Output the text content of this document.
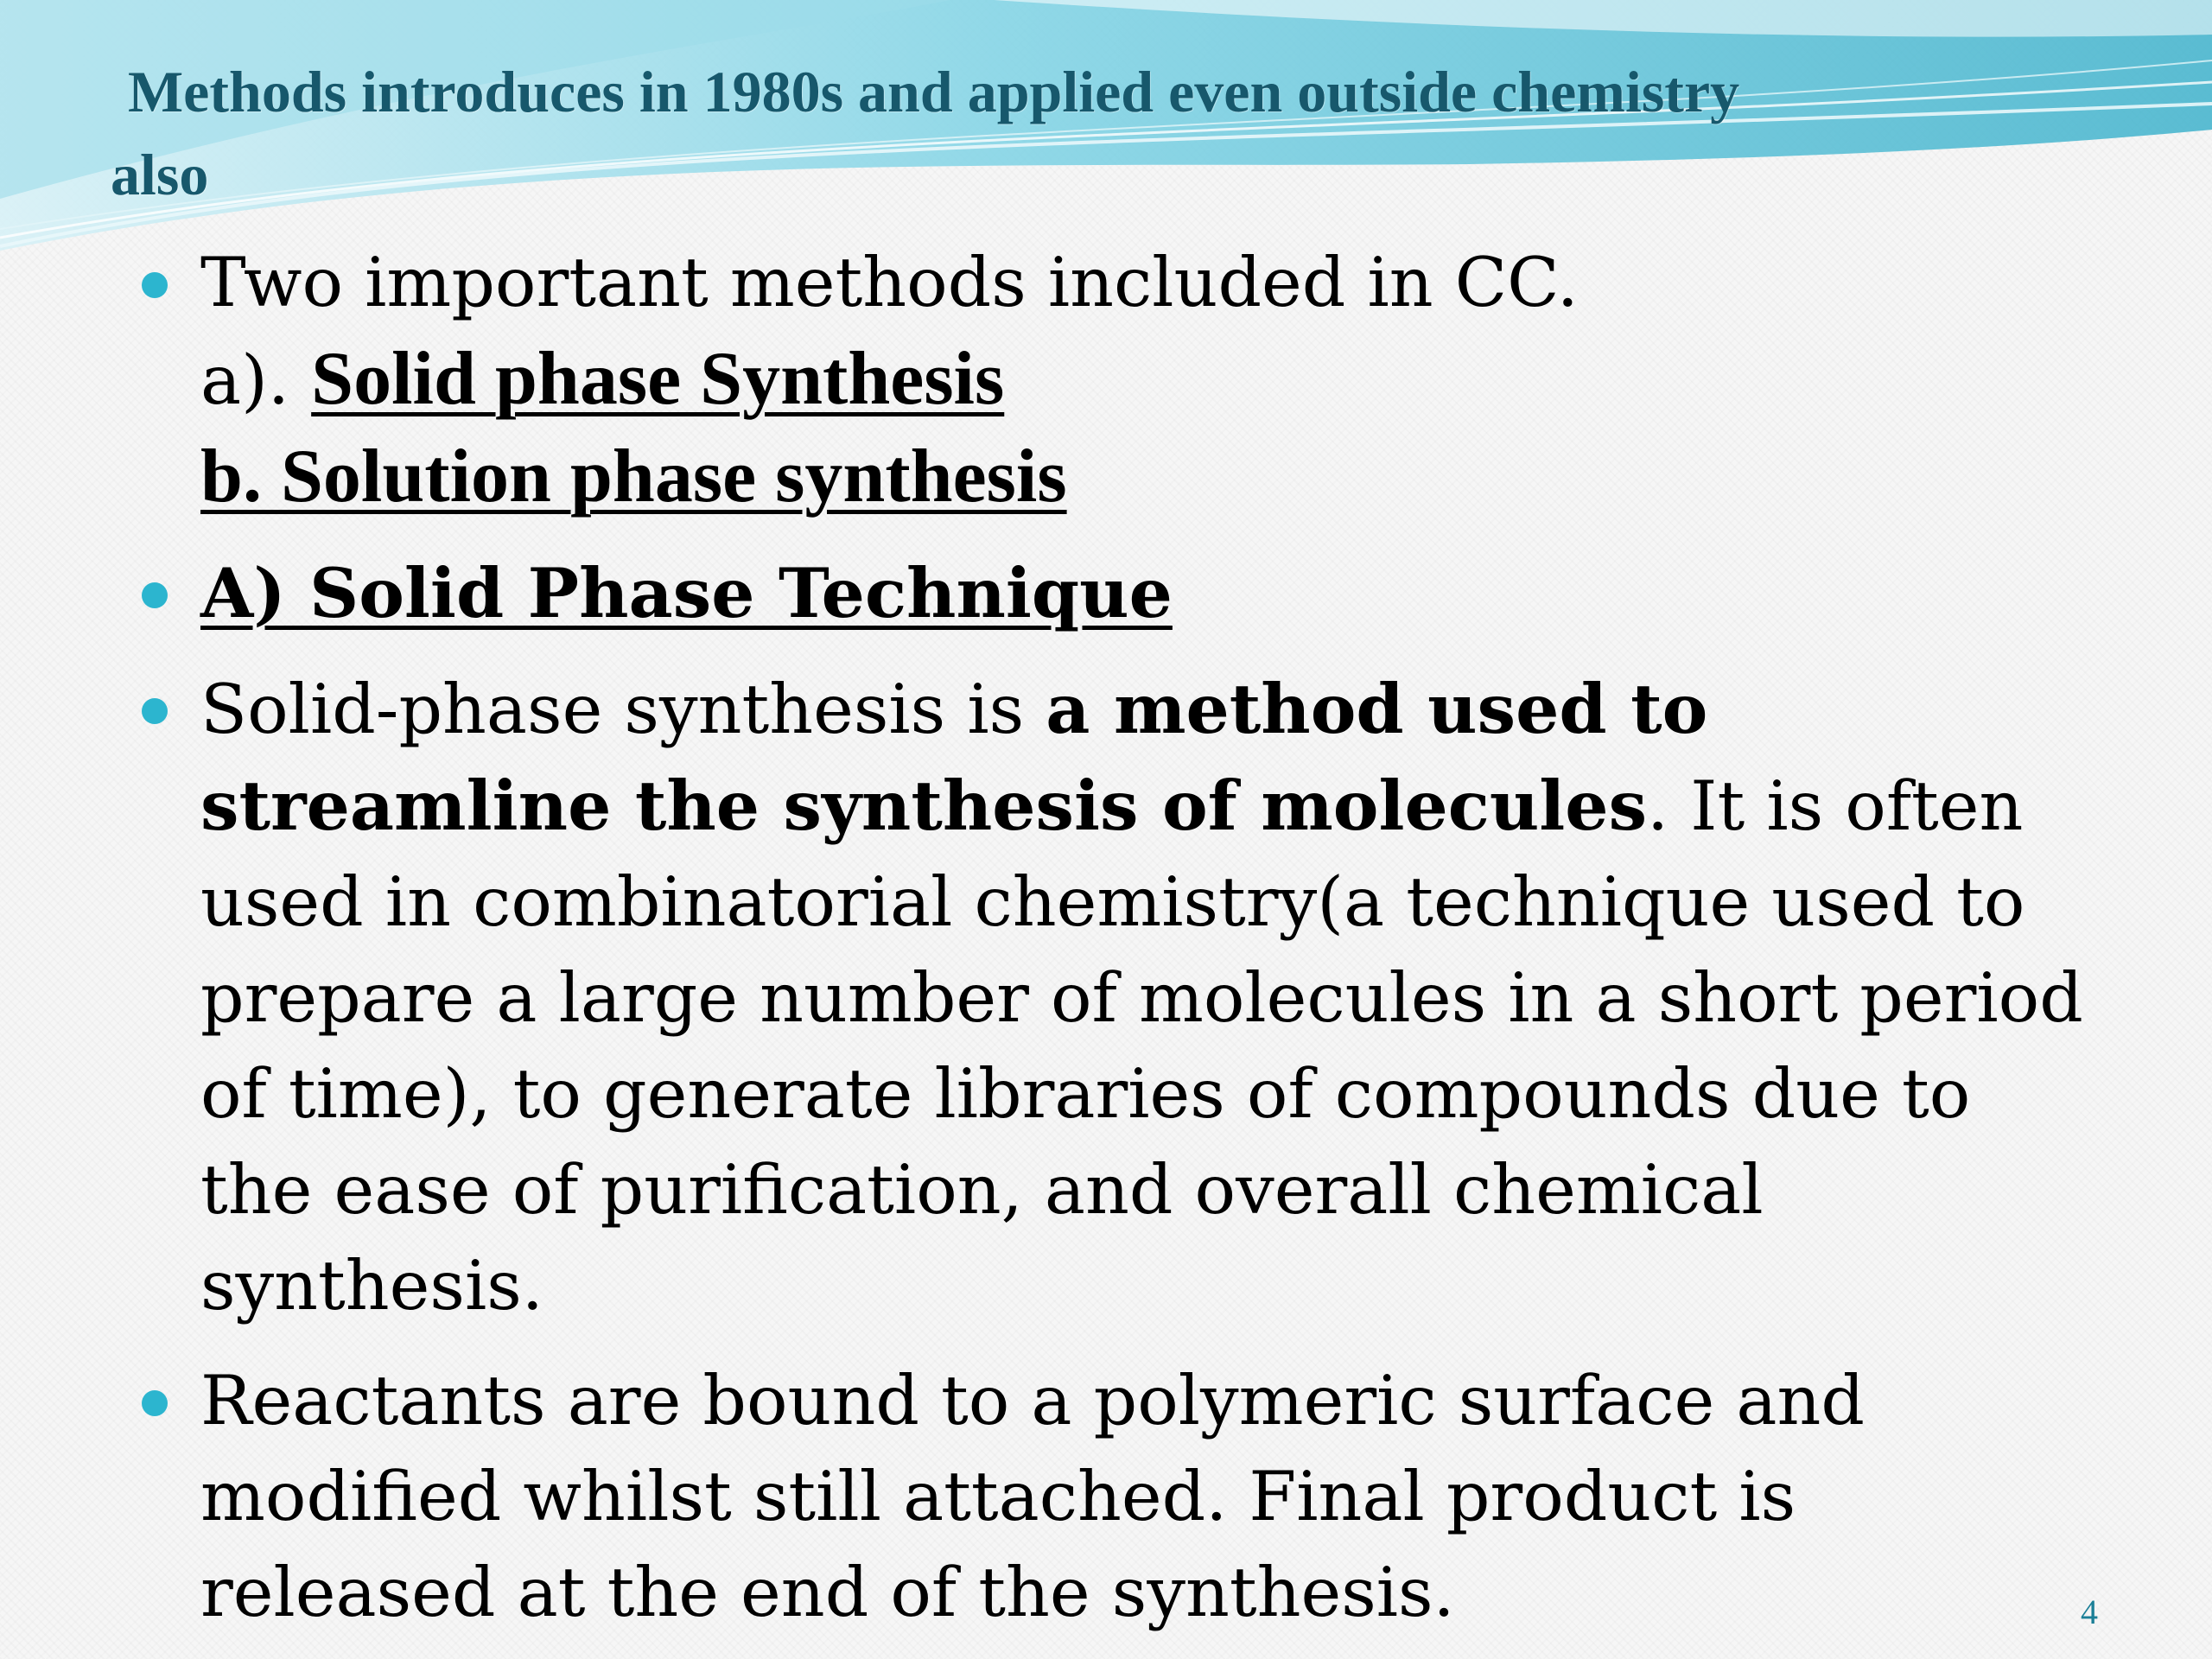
Methods introduces in 1980s and applied even outside chemistry
also
Two important methods included in CC.
a). Solid phase Synthesis
b. Solution phase synthesis
A) Solid Phase Technique
Solid-phase synthesis is a method used to streamline the synthesis of molecules. It is often used in combinatorial chemistry(a technique used to prepare a large number of molecules in a short period of time), to generate libraries of compounds due to the ease of purification, and overall chemical synthesis.
Reactants are bound to a polymeric surface and modified whilst still attached. Final product is released at the end of the synthesis.	4
